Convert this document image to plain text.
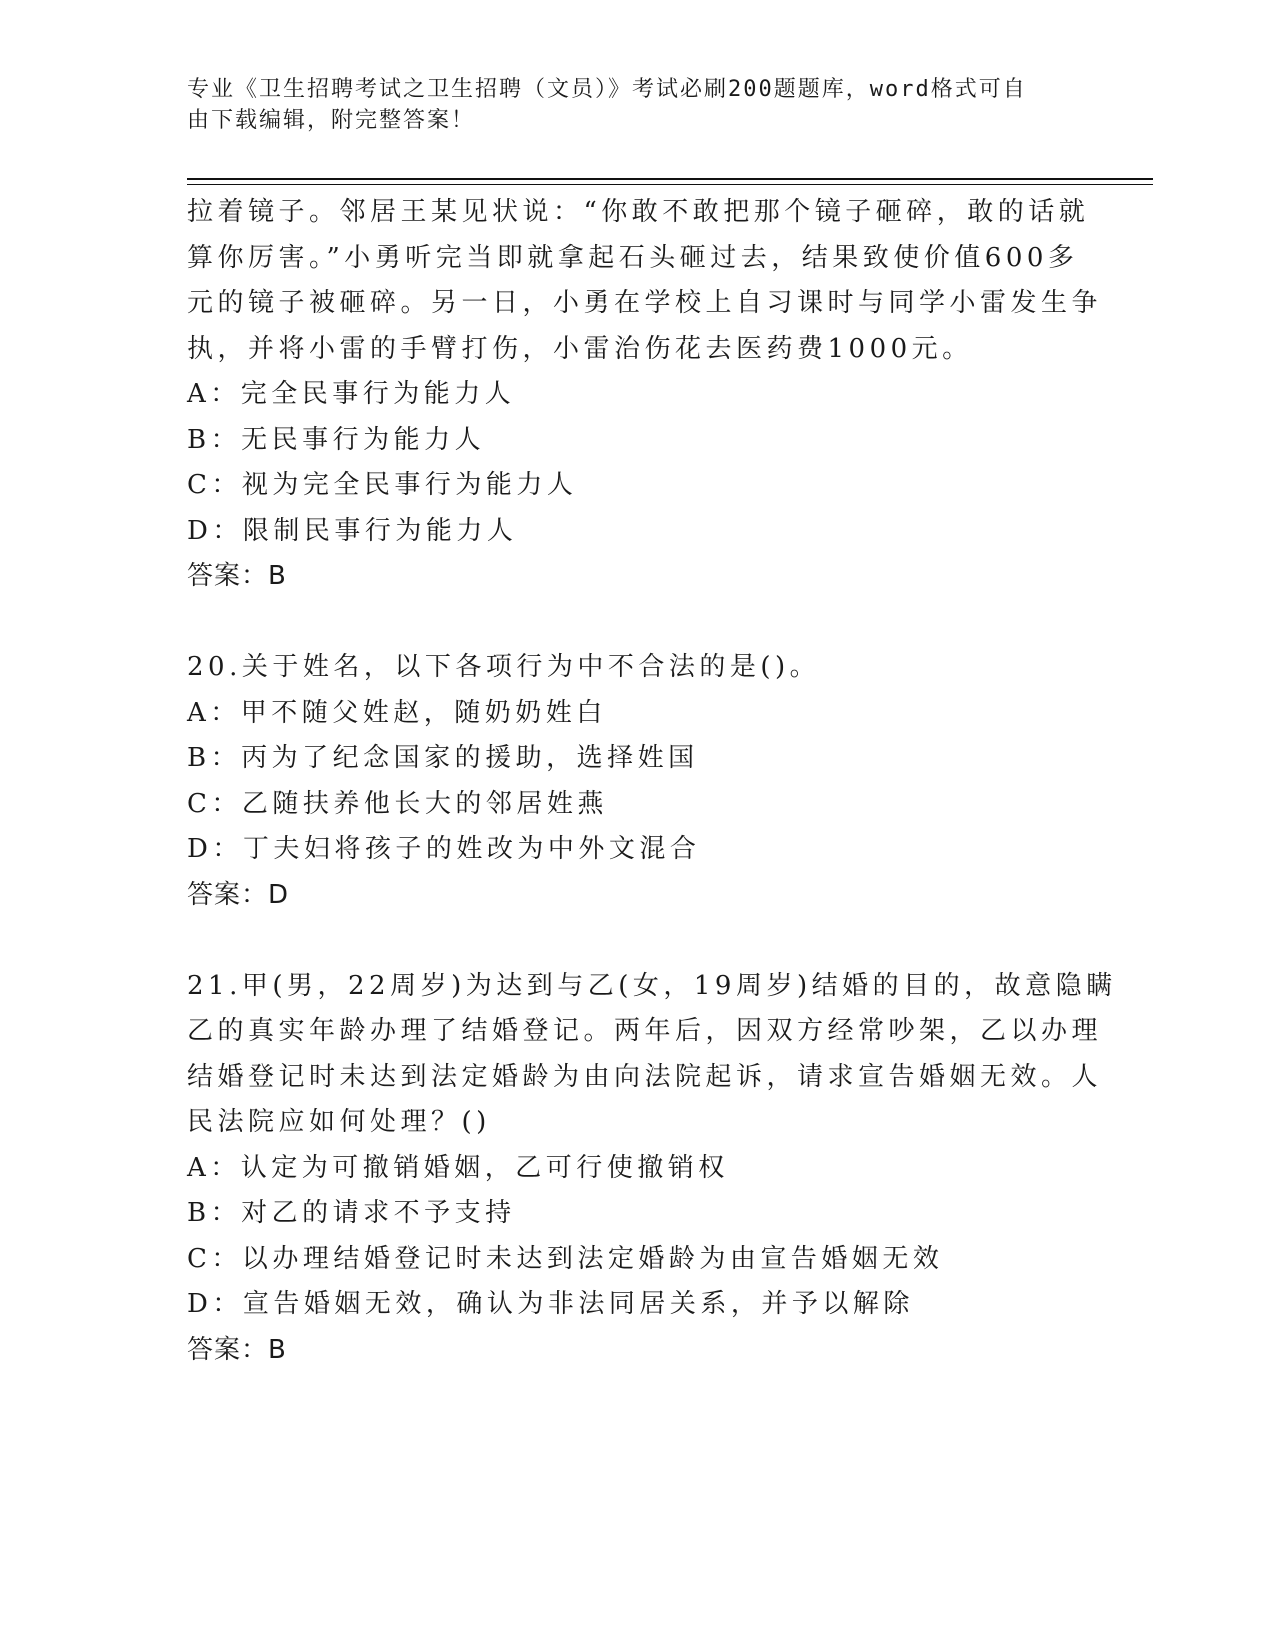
专业《卫生招聘考试之卫生招聘（文员）》考试必刷200题题库，word格式可自
由下载编辑，附完整答案！
拉着镜子。邻居王某见状说：“你敢不敢把那个镜子砸碎，敢的话就
算你厉害。”小勇听完当即就拿起石头砸过去，结果致使价值600多
元的镜子被砸碎。另一日，小勇在学校上自习课时与同学小雷发生争
执，并将小雷的手臂打伤，小雷治伤花去医药费1000元。
A：完全民事行为能力人
B：无民事行为能力人
C：视为完全民事行为能力人
D：限制民事行为能力人
答案：B
20.关于姓名，以下各项行为中不合法的是()。
A：甲不随父姓赵，随奶奶姓白
B：丙为了纪念国家的援助，选择姓国
C：乙随扶养他长大的邻居姓燕
D：丁夫妇将孩子的姓改为中外文混合
答案：D
21.甲(男，22周岁)为达到与乙(女，19周岁)结婚的目的，故意隐瞒
乙的真实年龄办理了结婚登记。两年后，因双方经常吵架，乙以办理
结婚登记时未达到法定婚龄为由向法院起诉，请求宣告婚姻无效。人
民法院应如何处理？()
A：认定为可撤销婚姻，乙可行使撤销权
B：对乙的请求不予支持
C：以办理结婚登记时未达到法定婚龄为由宣告婚姻无效
D：宣告婚姻无效，确认为非法同居关系，并予以解除
答案：B
